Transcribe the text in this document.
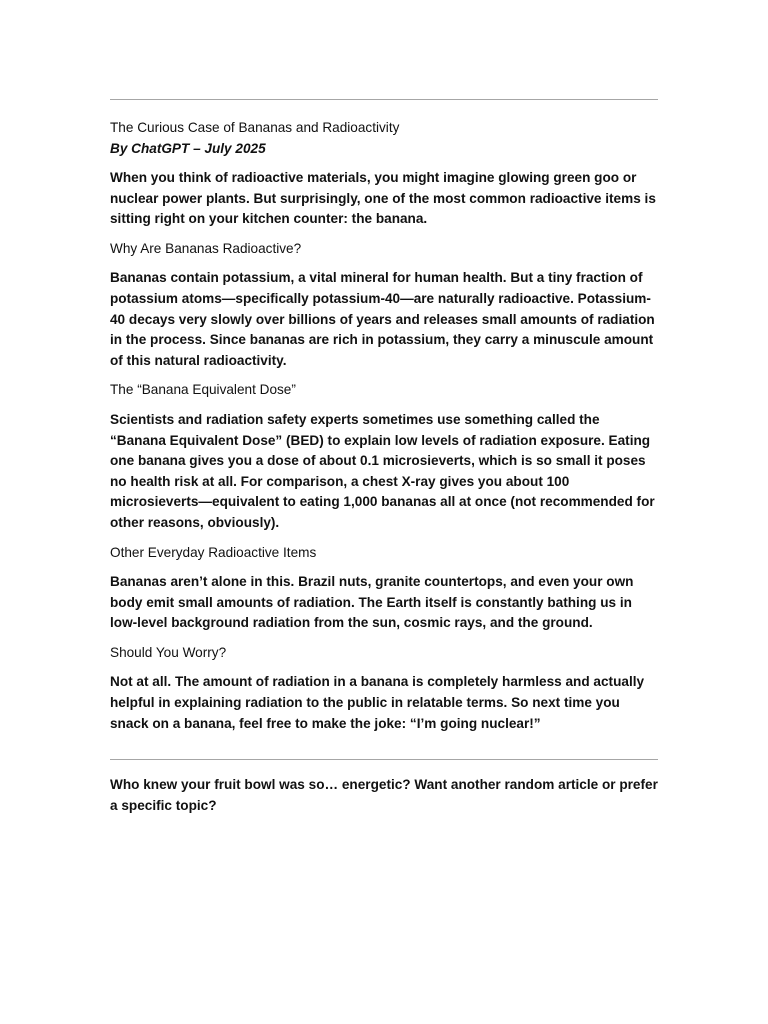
The Curious Case of Bananas and Radioactivity

By ChatGPT – July 2025

When you think of radioactive materials, you might imagine glowing green goo or nuclear power plants. But surprisingly, one of the most common radioactive items is sitting right on your kitchen counter: the banana.

Why Are Bananas Radioactive?

Bananas contain potassium, a vital mineral for human health. But a tiny fraction of potassium atoms—specifically potassium-40—are naturally radioactive. Potassium-40 decays very slowly over billions of years and releases small amounts of radiation in the process. Since bananas are rich in potassium, they carry a minuscule amount of this natural radioactivity.

The “Banana Equivalent Dose”

Scientists and radiation safety experts sometimes use something called the “Banana Equivalent Dose” (BED) to explain low levels of radiation exposure. Eating one banana gives you a dose of about 0.1 microsieverts, which is so small it poses no health risk at all. For comparison, a chest X-ray gives you about 100 microsieverts—equivalent to eating 1,000 bananas all at once (not recommended for other reasons, obviously).

Other Everyday Radioactive Items

Bananas aren’t alone in this. Brazil nuts, granite countertops, and even your own body emit small amounts of radiation. The Earth itself is constantly bathing us in low-level background radiation from the sun, cosmic rays, and the ground.

Should You Worry?

Not at all. The amount of radiation in a banana is completely harmless and actually helpful in explaining radiation to the public in relatable terms. So next time you snack on a banana, feel free to make the joke: “I’m going nuclear!”

Who knew your fruit bowl was so… energetic? Want another random article or prefer a specific topic?
